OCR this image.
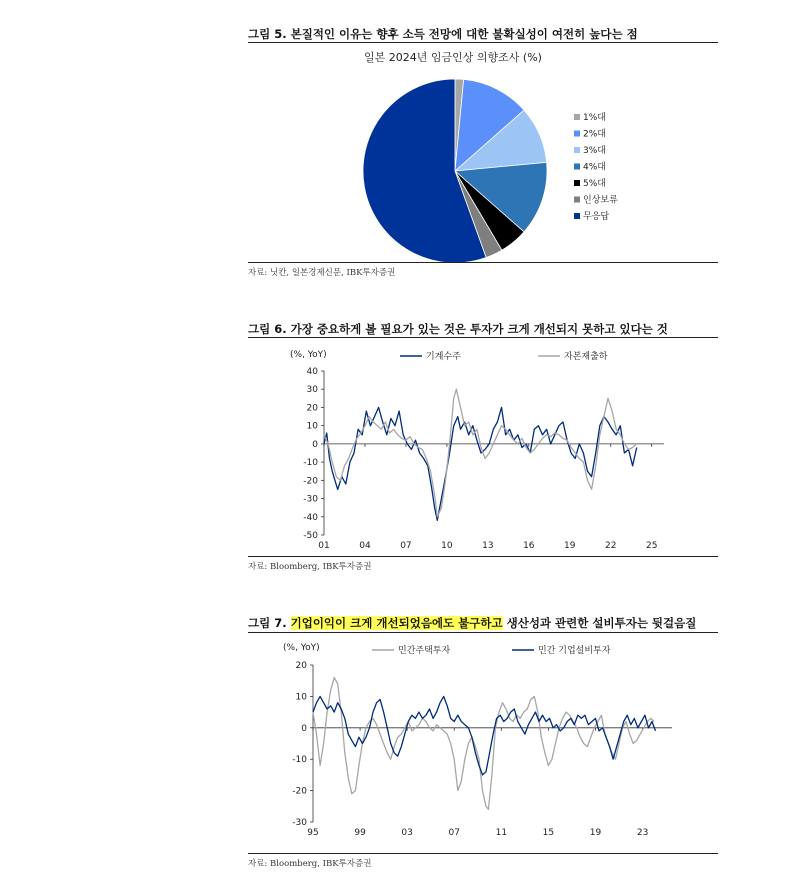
그림 5. 본질적인 이유는 향후 소득 전망에 대한 불확실성이 여전히 높다는 점
일본 2024년 임금인상 의향조사 (%)
1%대
2%대
3%대
4%대
5%대
인상보류
무응답
자료: 닛칸, 일본경제신문, IBK투자증권
그림 6. 가장 중요하게 볼 필요가 있는 것은 투자가 크게 개선되지 못하고 있다는 것
(%, YoY)	기계수주	자본재출하
40
30
20
10
0
-10
-20
-30
-40
-50
01	04	07	10	13	16	19	22	25
자료: Bloomberg, IBK투자증권
그림 7. 기업이익이 크게 개선되었음에도 불구하고 생산성과 관련한 설비투자는 뒷걸음질
(%, YoY)	민간주택투자	민간 기업설비투자
20
10
0
-10
-20
-30
95	99	03	07	11	15	19	23
자료: Bloomberg, IBK투자증권
